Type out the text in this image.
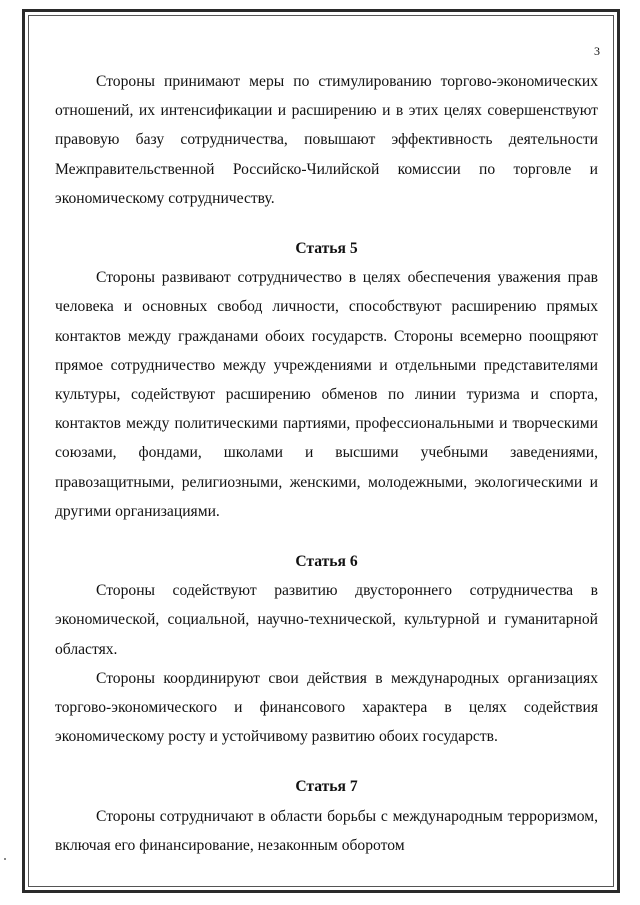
3

Стороны принимают меры по стимулированию торгово-экономических отношений, их интенсификации и расширению и в этих целях совершенствуют правовую базу сотрудничества, повышают эффективность деятельности Межправительственной Российско-Чилийской комиссии по торговле и экономическому сотрудничеству.

Статья 5

Стороны развивают сотрудничество в целях обеспечения уважения прав человека и основных свобод личности, способствуют расширению прямых контактов между гражданами обоих государств. Стороны всемерно поощряют прямое сотрудничество между учреждениями и отдельными представителями культуры, содействуют расширению обменов по линии туризма и спорта, контактов между политическими партиями, профессиональными и творческими союзами, фондами, школами и высшими учебными заведениями, правозащитными, религиозными, женскими, молодежными, экологическими и другими организациями.

Статья 6

Стороны содействуют развитию двустороннего сотрудничества в экономической, социальной, научно-технической, культурной и гуманитарной областях.

Стороны координируют свои действия в международных организациях торгово-экономического и финансового характера в целях содействия экономическому росту и устойчивому развитию обоих государств.

Статья 7

Стороны сотрудничают в области борьбы с международным терроризмом, включая его финансирование, незаконным оборотом
